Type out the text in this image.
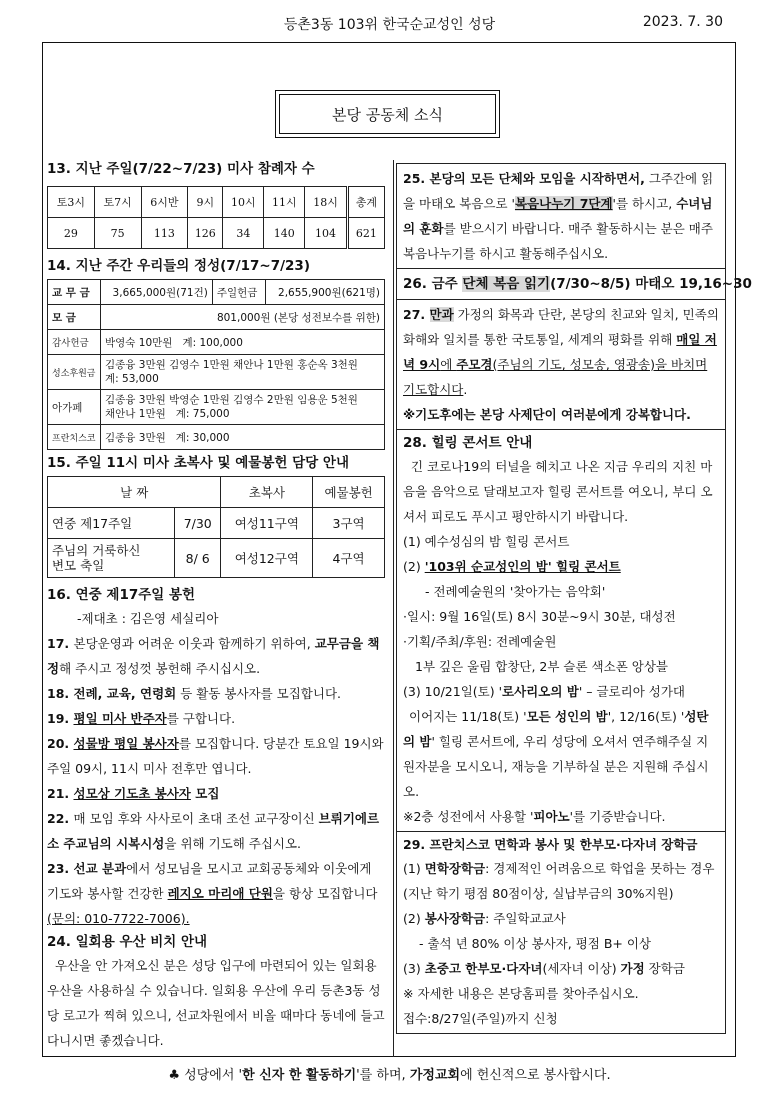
등촌3동 103위 한국순교성인 성당	2023. 7. 30
본당 공동체 소식
13. 지난 주일(7/22~7/23) 미사 참례자 수
토3시	토7시	6시반	9시	10시	11시	18시	총계
29	75	113	126	34	140	104	621
14. 지난 주간 우리들의 정성(7/17~7/23)
교 무 금	3,665,000원(71건)	주일헌금	2,655,900원(621명)
모 금	801,000원 (본당 성전보수를 위한)		
감사헌금	박영숙 10만원 계: 100,000		
성소후원금	김종융 3만원 김영수 1만원 채안나 1만원 홍순옥 3천원
계: 53,000		

아가페	김종융 3만원 박영순 1만원 김영수 2만원 임용운 5천원
채안나 1만원 계: 75,000		

프란치스코	김종융 3만원 계: 30,000		
15. 주일 11시 미사 초복사 및 예물봉헌 담당 안내
날 짜		초복사	예물봉헌
연중 제17주일	7/30	여성11구역	3구역

주님의 거룩하신
변모 축일	8/ 6	여성12구역	4구역
16. 연중 제17주일 봉헌
-제대초 : 김은영 세실리아
17. 본당운영과 어려운 이웃과 함께하기 위하여, 교무금을 책정해 주시고 정성껏 봉헌해 주시십시오.
18. 전례, 교육, 연령회 등 활동 봉사자를 모집합니다.
19. 평일 미사 반주자를 구합니다.
20. 성물방 평일 봉사자를 모집합니다. 당분간 토요일 19시와 주일 09시, 11시 미사 전후만 엽니다.
21. 성모상 기도초 봉사자 모집
22. 매 모임 후와 사사로이 초대 조선 교구장이신 브뤼기에르 소 주교님의 시복시성을 위해 기도해 주십시오.
23. 선교 분과에서 성모님을 모시고 교회공동체와 이웃에게 기도와 봉사할 건강한 레지오 마리애 단원을 항상 모집합니다(문의: 010-7722-7006).
24. 일회용 우산 비치 안내
우산을 안 가져오신 분은 성당 입구에 마련되어 있는 일회용 우산을 사용하실 수 있습니다. 일회용 우산에 우리 등촌3동 성당 로고가 찍혀 있으니, 선교차원에서 비올 때마다 동네에 들고 다니시면 좋겠습니다.
25. 본당의 모든 단체와 모임을 시작하면서, 그주간에 읽을 마태오 복음으로 '복음나누기 7단계'를 하시고, 수녀님의 훈화를 받으시기 바랍니다. 매주 활동하시는 분은 매주 복음나누기를 하시고 활동해주십시오.
26. 금주 단체 복음 읽기(7/30~8/5) 마태오 19,16~30
27. 만과 가정의 화목과 단란, 본당의 친교와 일치, 민족의 화해와 일치를 통한 국토통일, 세계의 평화를 위해 매일 저녁 9시에 주모경(주님의 기도, 성모송, 영광송)을 바치며 기도합시다.
※기도후에는 본당 사제단이 여러분에게 강복합니다.
28. 힐링 콘서트 안내
긴 코로나19의 터널을 헤치고 나온 지금 우리의 지친 마음을 음악으로 달래보고자 힐링 콘서트를 여오니, 부디 오셔서 피로도 푸시고 평안하시기 바랍니다.
(1) 예수성심의 밤 힐링 콘서트
(2) '103위 순교성인의 밤' 힐링 콘서트
- 전례예술원의 '찾아가는 음악회'
·일시: 9월 16일(토) 8시 30분~9시 30분, 대성전
·기획/주최/후원: 전례예술원
1부 깊은 울림 합창단, 2부 슬론 색소폰 앙상블
(3) 10/21일(토) '로사리오의 밤' – 글로리아 성가대
이어지는 11/18(토) '모든 성인의 밤', 12/16(토) '성탄의 밤' 힐링 콘서트에, 우리 성당에 오셔서 연주해주실 지원자분을 모시오니, 재능을 기부하실 분은 지원해 주십시오.
※2층 성전에서 사용할 '피아노'를 기증받습니다.
29. 프란치스코 면학과 봉사 및 한부모·다자녀 장학금
(1) 면학장학금: 경제적인 어려움으로 학업을 못하는 경우(지난 학기 평점 80점이상, 실납부금의 30%지원)
(2) 봉사장학금: 주일학교교사
- 출석 년 80% 이상 봉사자, 평점 B+ 이상
(3) 초중고 한부모·다자녀(세자녀 이상) 가정 장학금
※ 자세한 내용은 본당홈피를 찾아주십시오.
접수:8/27일(주일)까지 신청
♣ 성당에서 '한 신자 한 활동하기'를 하며, 가정교회에 헌신적으로 봉사합시다.
